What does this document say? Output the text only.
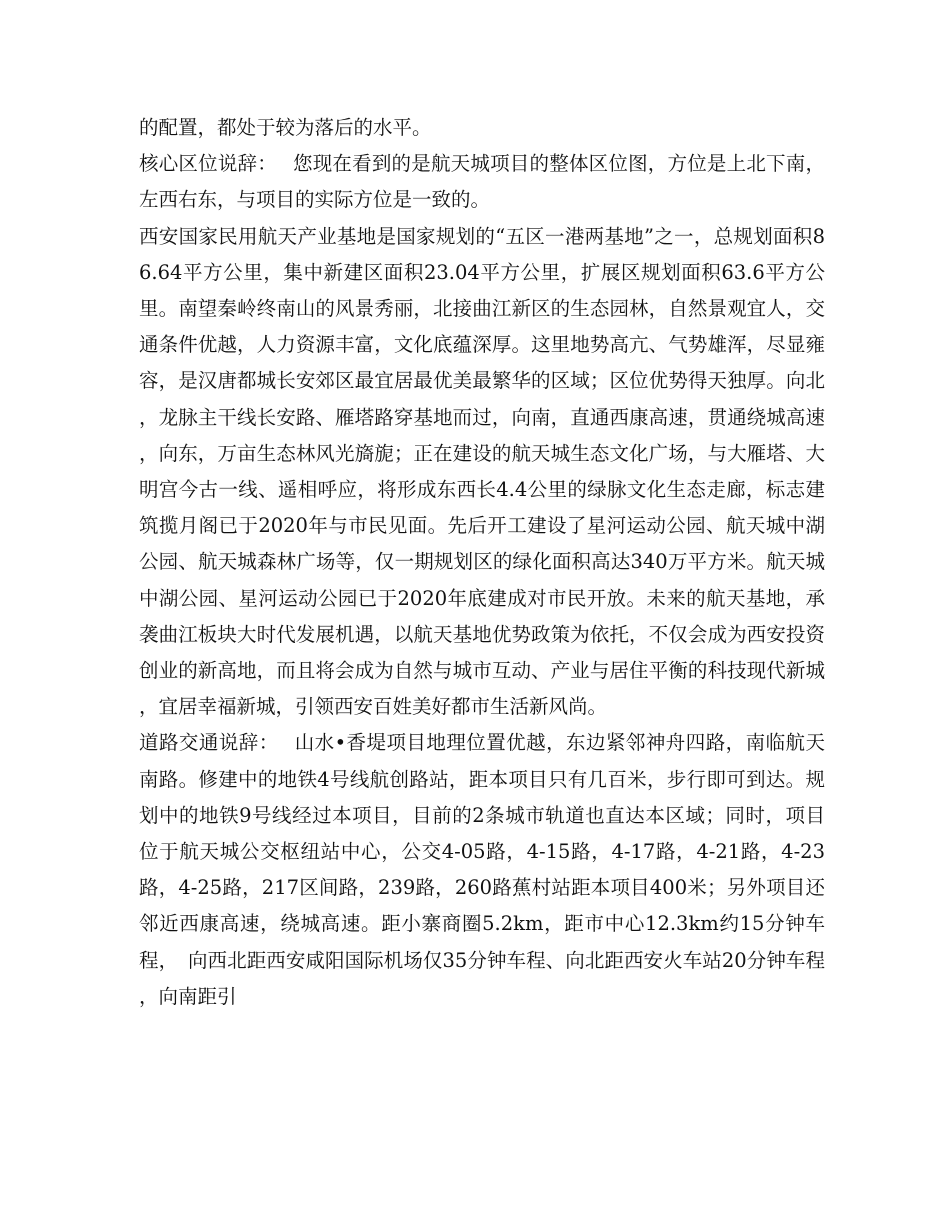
的配置，都处于较为落后的水平。

核心区位说辞： 您现在看到的是航天城项目的整体区位图，方位是上北下南，左西右东，与项目的实际方位是一致的。

西安国家民用航天产业基地是国家规划的“五区一港两基地”之一，总规划面积86.64平方公里，集中新建区面积23.04平方公里，扩展区规划面积63.6平方公里。南望秦岭终南山的风景秀丽，北接曲江新区的生态园林，自然景观宜人，交通条件优越，人力资源丰富，文化底蕴深厚。这里地势高亢、气势雄浑，尽显雍容，是汉唐都城长安郊区最宜居最优美最繁华的区域；区位优势得天独厚。向北，龙脉主干线长安路、雁塔路穿基地而过，向南，直通西康高速，贯通绕城高速，向东，万亩生态林风光旖旎；正在建设的航天城生态文化广场，与大雁塔、大明宫今古一线、遥相呼应，将形成东西长4.4公里的绿脉文化生态走廊，标志建筑揽月阁已于2020年与市民见面。先后开工建设了星河运动公园、航天城中湖公园、航天城森林广场等，仅一期规划区的绿化面积高达340万平方米。航天城中湖公园、星河运动公园已于2020年底建成对市民开放。未来的航天基地，承袭曲江板块大时代发展机遇，以航天基地优势政策为依托，不仅会成为西安投资创业的新高地，而且将会成为自然与城市互动、产业与居住平衡的科技现代新城，宜居幸福新城，引领西安百姓美好都市生活新风尚。

道路交通说辞： 山水•香堤项目地理位置优越，东边紧邻神舟四路，南临航天南路。修建中的地铁4号线航创路站，距本项目只有几百米，步行即可到达。规划中的地铁9号线经过本项目，目前的2条城市轨道也直达本区域；同时，项目位于航天城公交枢纽站中心，公交4-05路，4-15路，4-17路，4-21路，4-23路，4-25路，217区间路，239路，260路蕉村站距本项目400米；另外项目还邻近西康高速，绕城高速。距小寨商圈5.2km，距市中心12.3km约15分钟车程，　向西北距西安咸阳国际机场仅35分钟车程、向北距西安火车站20分钟车程，向南距引
